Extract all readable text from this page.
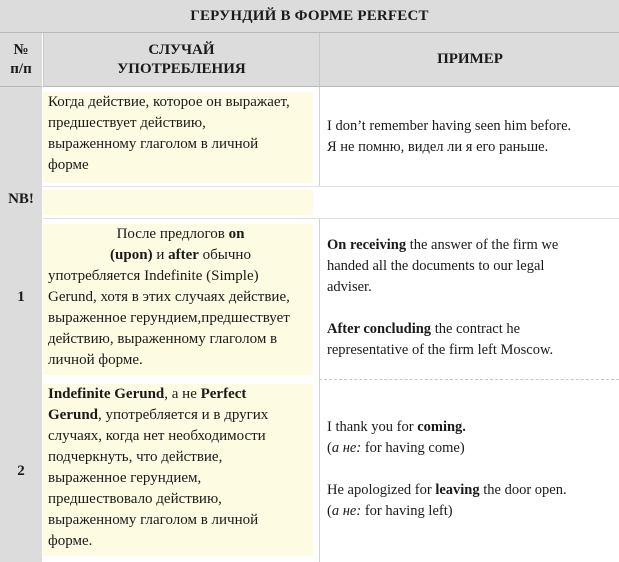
ГЕРУНДИЙ В ФОРМЕ PERFECT
№
п/п
СЛУЧАЙ
УПОТРЕБЛЕНИЯ
ПРИМЕР
NB!
1
2
Когда действие, которое он выражает,
предшествует действию,
выраженному глаголом в личной
форме
I don’t remember having seen him before.
Я не помню, видел ли я его раньше.
После предлогов on
(upon) и after обычно
употребляется Indefinite (Simple)
Gerund, хотя в этих случаях действие,
выраженное герундием,предшествует
действию, выраженному глаголом в
личной форме.
On receiving the answer of the firm we
handed all the documents to our legal
adviser.
After concluding the contract he
representative of the firm left Moscow.
Indefinite Gerund, а не Perfect
Gerund, употребляется и в других
случаях, когда нет необходимости
подчеркнуть, что действие,
выраженное герундием,
предшествовало действию,
выраженному глаголом в личной
форме.
I thank you for coming.
(а не: for having come)
He apologized for leaving the door open.
(а не: for having left)
